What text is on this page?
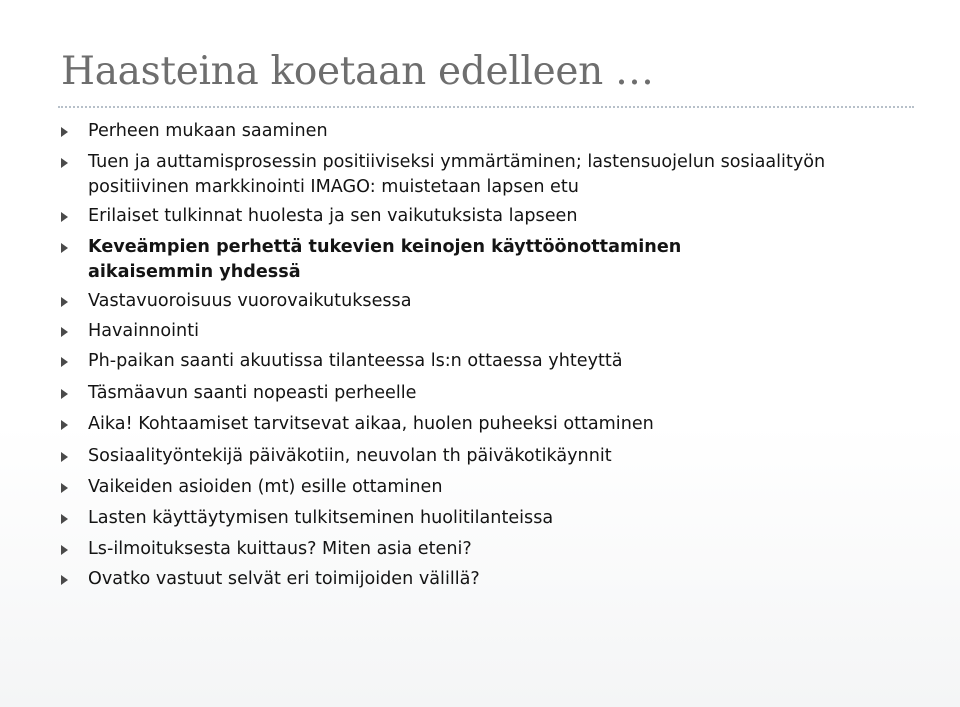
Haasteina koetaan edelleen …
Perheen mukaan saaminen
Tuen ja auttamisprosessin positiiviseksi ymmärtäminen; lastensuojelun sosiaalityön
positiivinen markkinointi IMAGO: muistetaan lapsen etu
Erilaiset tulkinnat huolesta ja sen vaikutuksista lapseen
Keveämpien perhettä tukevien keinojen käyttöönottaminen
aikaisemmin yhdessä
Vastavuoroisuus vuorovaikutuksessa
Havainnointi
Ph-paikan saanti akuutissa tilanteessa ls:n ottaessa yhteyttä
Täsmäavun saanti nopeasti perheelle
Aika! Kohtaamiset tarvitsevat aikaa, huolen puheeksi ottaminen
Sosiaalityöntekijä päiväkotiin, neuvolan th päiväkotikäynnit
Vaikeiden asioiden (mt) esille ottaminen
Lasten käyttäytymisen tulkitseminen huolitilanteissa
Ls-ilmoituksesta kuittaus? Miten asia eteni?
Ovatko vastuut selvät eri toimijoiden välillä?
